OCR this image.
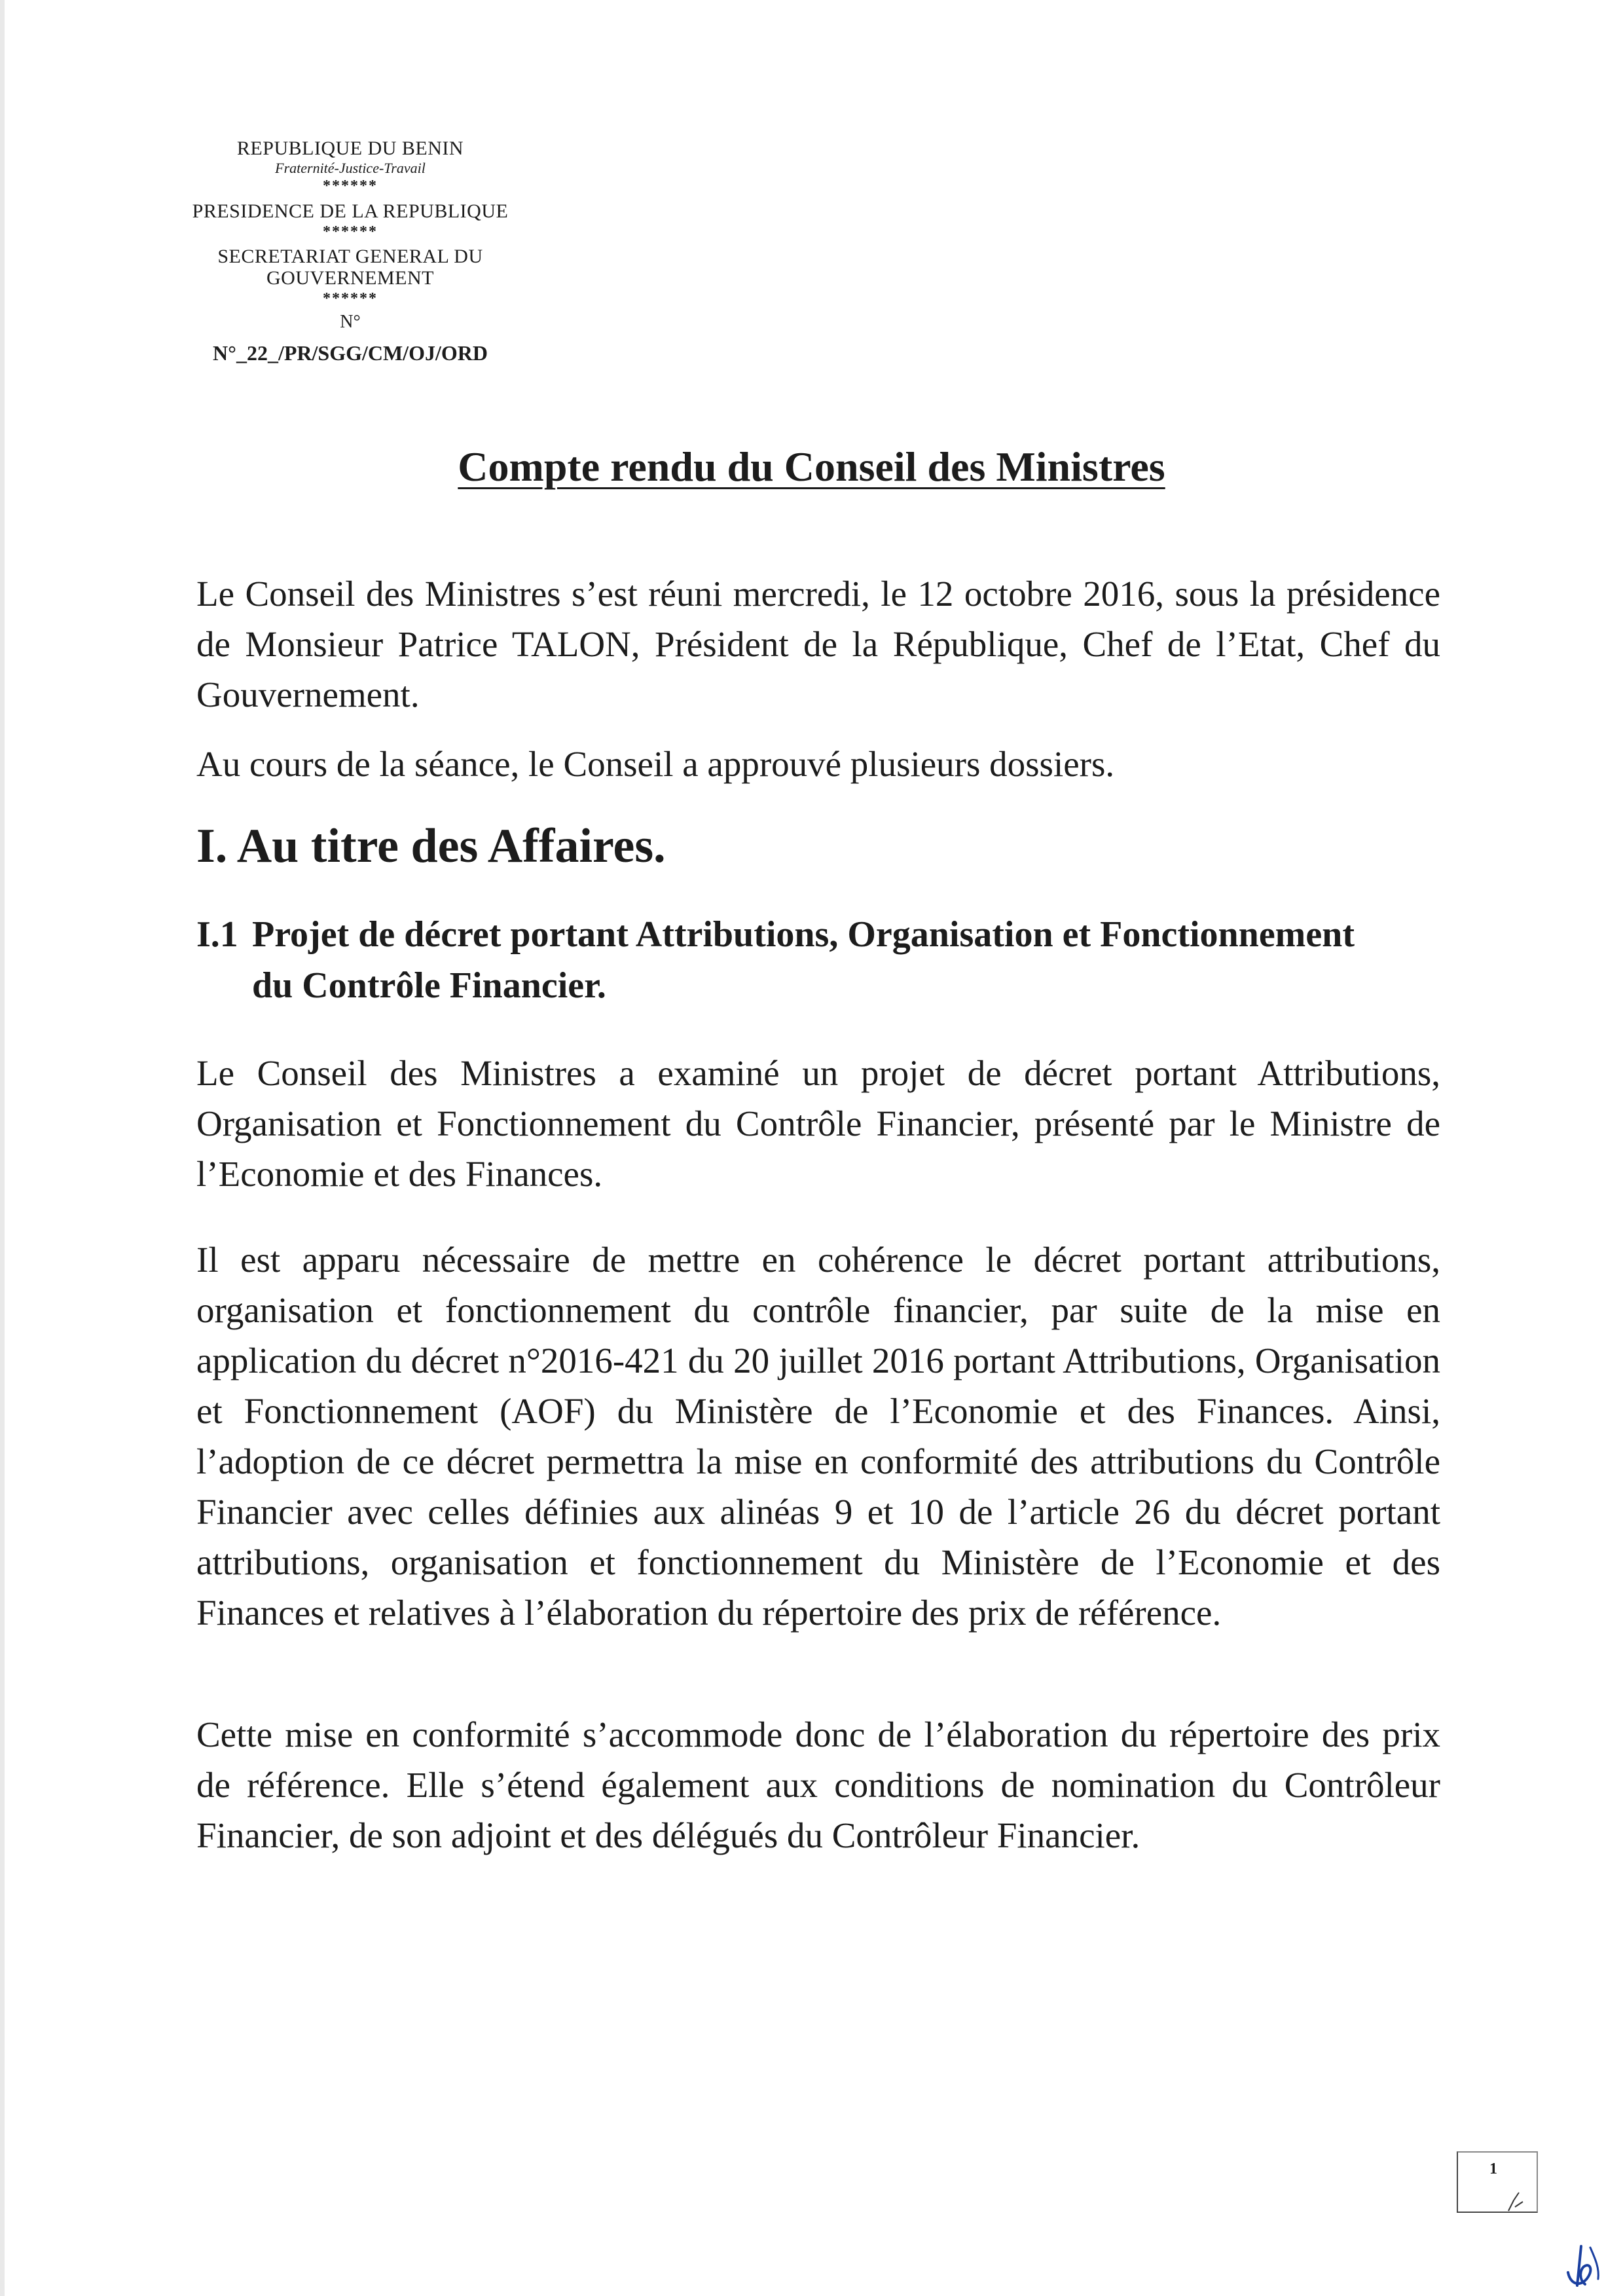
REPUBLIQUE DU BENIN
Fraternité-Justice-Travail
******
PRESIDENCE DE LA REPUBLIQUE
******
SECRETARIAT GENERAL DU
GOUVERNEMENT
******
N°
N°_22_/PR/SGG/CM/OJ/ORD
Compte rendu du Conseil des Ministres

Le Conseil des Ministres s’est réuni mercredi, le 12 octobre 2016, sous la présidence de Monsieur Patrice TALON, Président de la République, Chef de l’Etat, Chef du Gouvernement.

Au cours de la séance, le Conseil a approuvé plusieurs dossiers.

I. Au titre des Affaires.
I.1 Projet de décret portant Attributions, Organisation et Fonctionnement
du Contrôle Financier.

Le Conseil des Ministres a examiné un projet de décret portant Attributions, Organisation et Fonctionnement du Contrôle Financier, présenté par le Ministre de l’Economie et des Finances.

Il est apparu nécessaire de mettre en cohérence le décret portant attributions, organisation et fonctionnement du contrôle financier, par suite de la mise en application du décret n°2016-421 du 20 juillet 2016 portant Attributions, Organisation et Fonctionnement (AOF) du Ministère de l’Economie et des Finances. Ainsi, l’adoption de ce décret permettra la mise en conformité des attributions du Contrôle Financier avec celles définies aux alinéas 9 et 10 de l’article 26 du décret portant attributions, organisation et fonctionnement du Ministère de l’Economie et des Finances et relatives à l’élaboration du répertoire des prix de référence.

Cette mise en conformité s’accommode donc de l’élaboration du répertoire des prix de référence. Elle s’étend également aux conditions de nomination du Contrôleur Financier, de son adjoint et des délégués du Contrôleur Financier.

1
